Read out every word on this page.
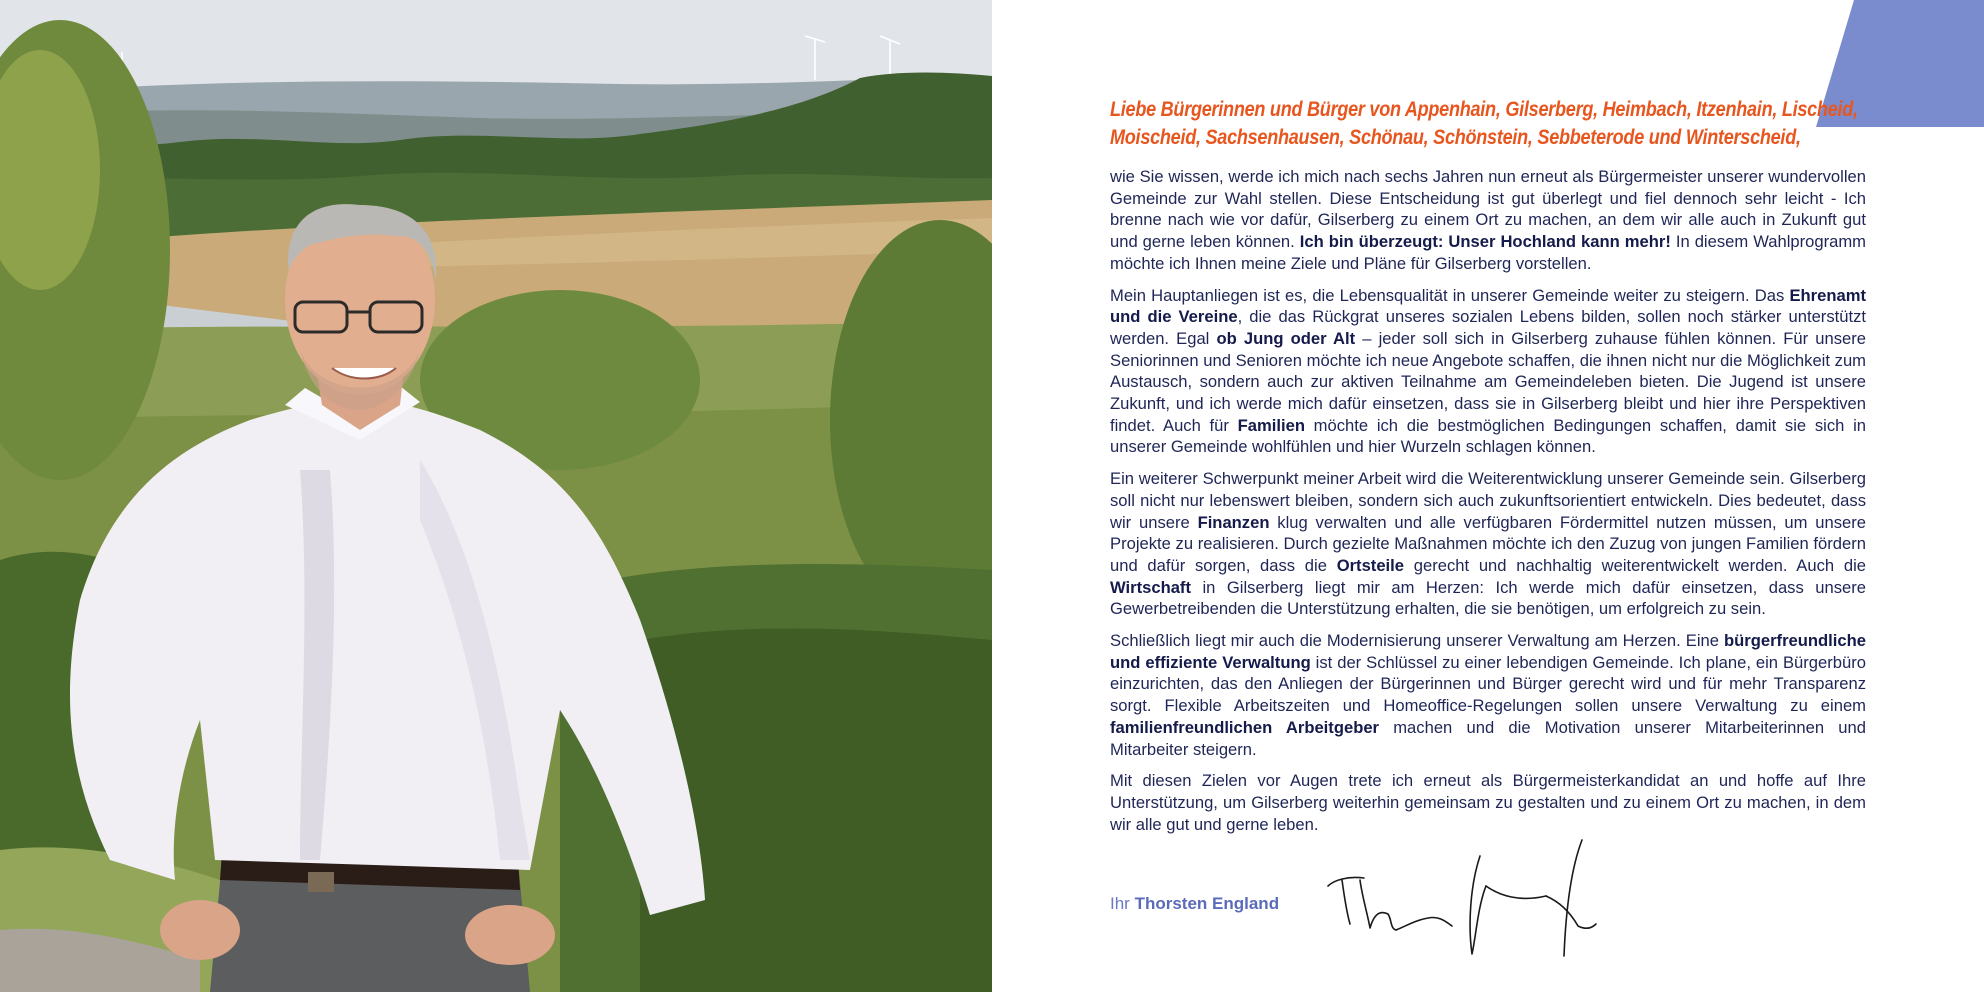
Liebe Bürgerinnen und Bürger von Appenhain, Gilserberg, Heimbach, Itzenhain, Lischeid, Moischeid, Sachsenhausen, Schönau, Schönstein, Sebbeterode und Winterscheid,

wie Sie wissen, werde ich mich nach sechs Jahren nun erneut als Bürgermeister unserer wundervollen Gemeinde zur Wahl stellen. Diese Entscheidung ist gut überlegt und fiel dennoch sehr leicht - Ich brenne nach wie vor dafür, Gilserberg zu einem Ort zu machen, an dem wir alle auch in Zukunft gut und gerne leben können. Ich bin überzeugt: Unser Hochland kann mehr! In diesem Wahlprogramm möchte ich Ihnen meine Ziele und Pläne für Gilserberg vorstellen.

Mein Hauptanliegen ist es, die Lebensqualität in unserer Gemeinde weiter zu steigern. Das Ehrenamt und die Vereine, die das Rückgrat unseres sozialen Lebens bilden, sollen noch stärker unterstützt werden. Egal ob Jung oder Alt – jeder soll sich in Gilserberg zuhause fühlen können. Für unsere Seniorinnen und Senioren möchte ich neue Angebote schaffen, die ihnen nicht nur die Möglichkeit zum Austausch, sondern auch zur aktiven Teilnahme am Gemeindeleben bieten. Die Jugend ist unsere Zukunft, und ich werde mich dafür einsetzen, dass sie in Gilserberg bleibt und hier ihre Perspektiven findet. Auch für Familien möchte ich die bestmöglichen Bedingungen schaffen, damit sie sich in unserer Gemeinde wohlfühlen und hier Wurzeln schlagen können.

Ein weiterer Schwerpunkt meiner Arbeit wird die Weiterentwicklung unserer Gemeinde sein. Gilserberg soll nicht nur lebenswert bleiben, sondern sich auch zukunftsorientiert entwickeln. Dies bedeutet, dass wir unsere Finanzen klug verwalten und alle verfügbaren Fördermittel nutzen müssen, um unsere Projekte zu realisieren. Durch gezielte Maßnahmen möchte ich den Zuzug von jungen Familien fördern und dafür sorgen, dass die Ortsteile gerecht und nachhaltig weiterentwickelt werden. Auch die Wirtschaft in Gilserberg liegt mir am Herzen: Ich werde mich dafür einsetzen, dass unsere Gewerbetreibenden die Unterstützung erhalten, die sie benötigen, um erfolgreich zu sein.

Schließlich liegt mir auch die Modernisierung unserer Verwaltung am Herzen. Eine bürgerfreundliche und effiziente Verwaltung ist der Schlüssel zu einer lebendigen Gemeinde. Ich plane, ein Bürgerbüro einzurichten, das den Anliegen der Bürgerinnen und Bürger gerecht wird und für mehr Transparenz sorgt. Flexible Arbeitszeiten und Homeoffice-Regelungen sollen unsere Verwaltung zu einem familienfreundlichen Arbeitgeber machen und die Motivation unserer Mitarbeiterinnen und Mitarbeiter steigern.

Mit diesen Zielen vor Augen trete ich erneut als Bürgermeisterkandidat an und hoffe auf Ihre Unterstützung, um Gilserberg weiterhin gemeinsam zu gestalten und zu einem Ort zu machen, in dem wir alle gut und gerne leben.

Ihr Thorsten England
